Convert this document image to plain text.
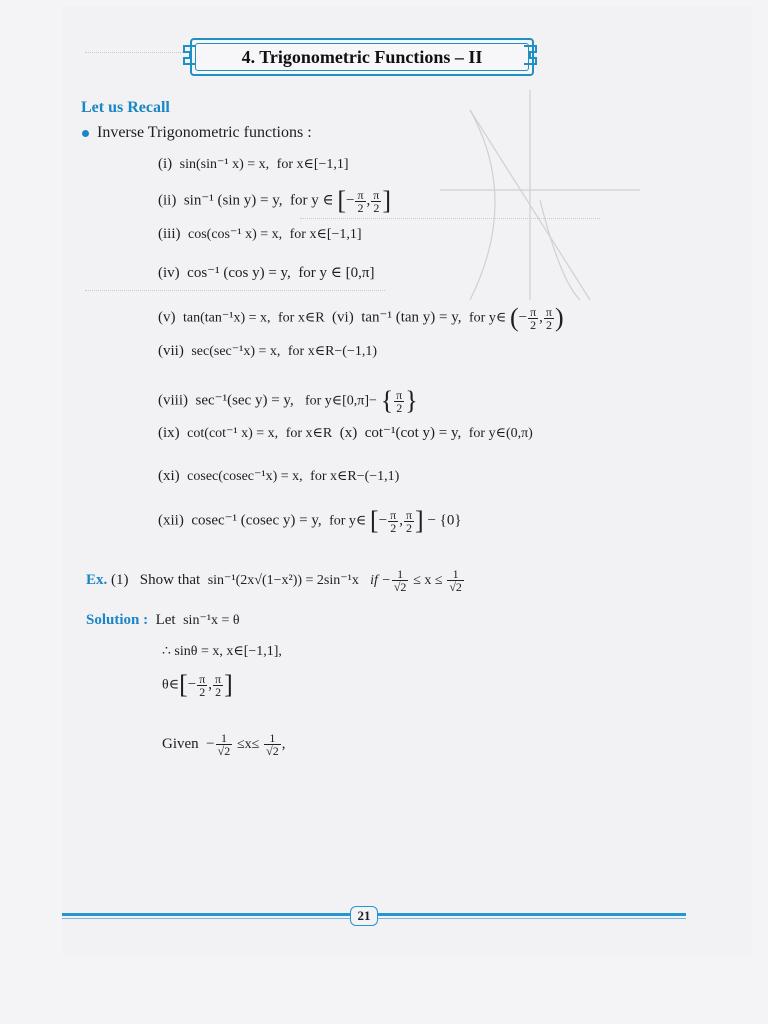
4. Trigonometric Functions – II
Let us Recall
Inverse Trigonometric functions :
(i) sin(sin⁻¹ x) = x, for x∈[−1,1]
(ii) sin⁻¹ (sin y) = y, for y ∈ [− $\frac{\pi}{2}$ , $\frac{\pi}{2}$ ]
(iii) cos(cos⁻¹ x) = x, for x∈[−1,1]
(iv) cos⁻¹ (cos y) = y, for y ∈ [0,π]
(v) tan(tan⁻¹x) = x, for x∈R (vi) tan⁻¹ (tan y) = y, for y∈ (− $\frac{\pi}{2}$ , $\frac{\pi}{2}$ )
(vii) sec(sec⁻¹x) = x, for x∈R−(−1,1)
(viii) sec⁻¹(sec y) = y, for y∈[0,π]− { $\frac{\pi}{2}$ }
(ix) cot(cot⁻¹ x) = x, for x∈R (x) cot⁻¹(cot y) = y, for y∈(0,π)
(xi) cosec(cosec⁻¹x) = x, for x∈R−(−1,1)
(xii) cosec⁻¹ (cosec y) = y, for y∈ [− $\frac{\pi}{2}$ , $\frac{\pi}{2}$ ] − {0}
Ex. (1) Show that sin⁻¹(2x√(1−x²)) = 2sin⁻¹x if − $\frac{1}{√2} \le x \le \frac{1}{√2}$
Solution : Let sin⁻¹x = θ
∴ sinθ = x, x∈[−1,1],
θ∈[− $\frac{\pi}{2}$ , $\frac{\pi}{2}$ ]
Given  − $\frac{1}{√2} \le x\le \frac{1}{√2}$ ,
21
